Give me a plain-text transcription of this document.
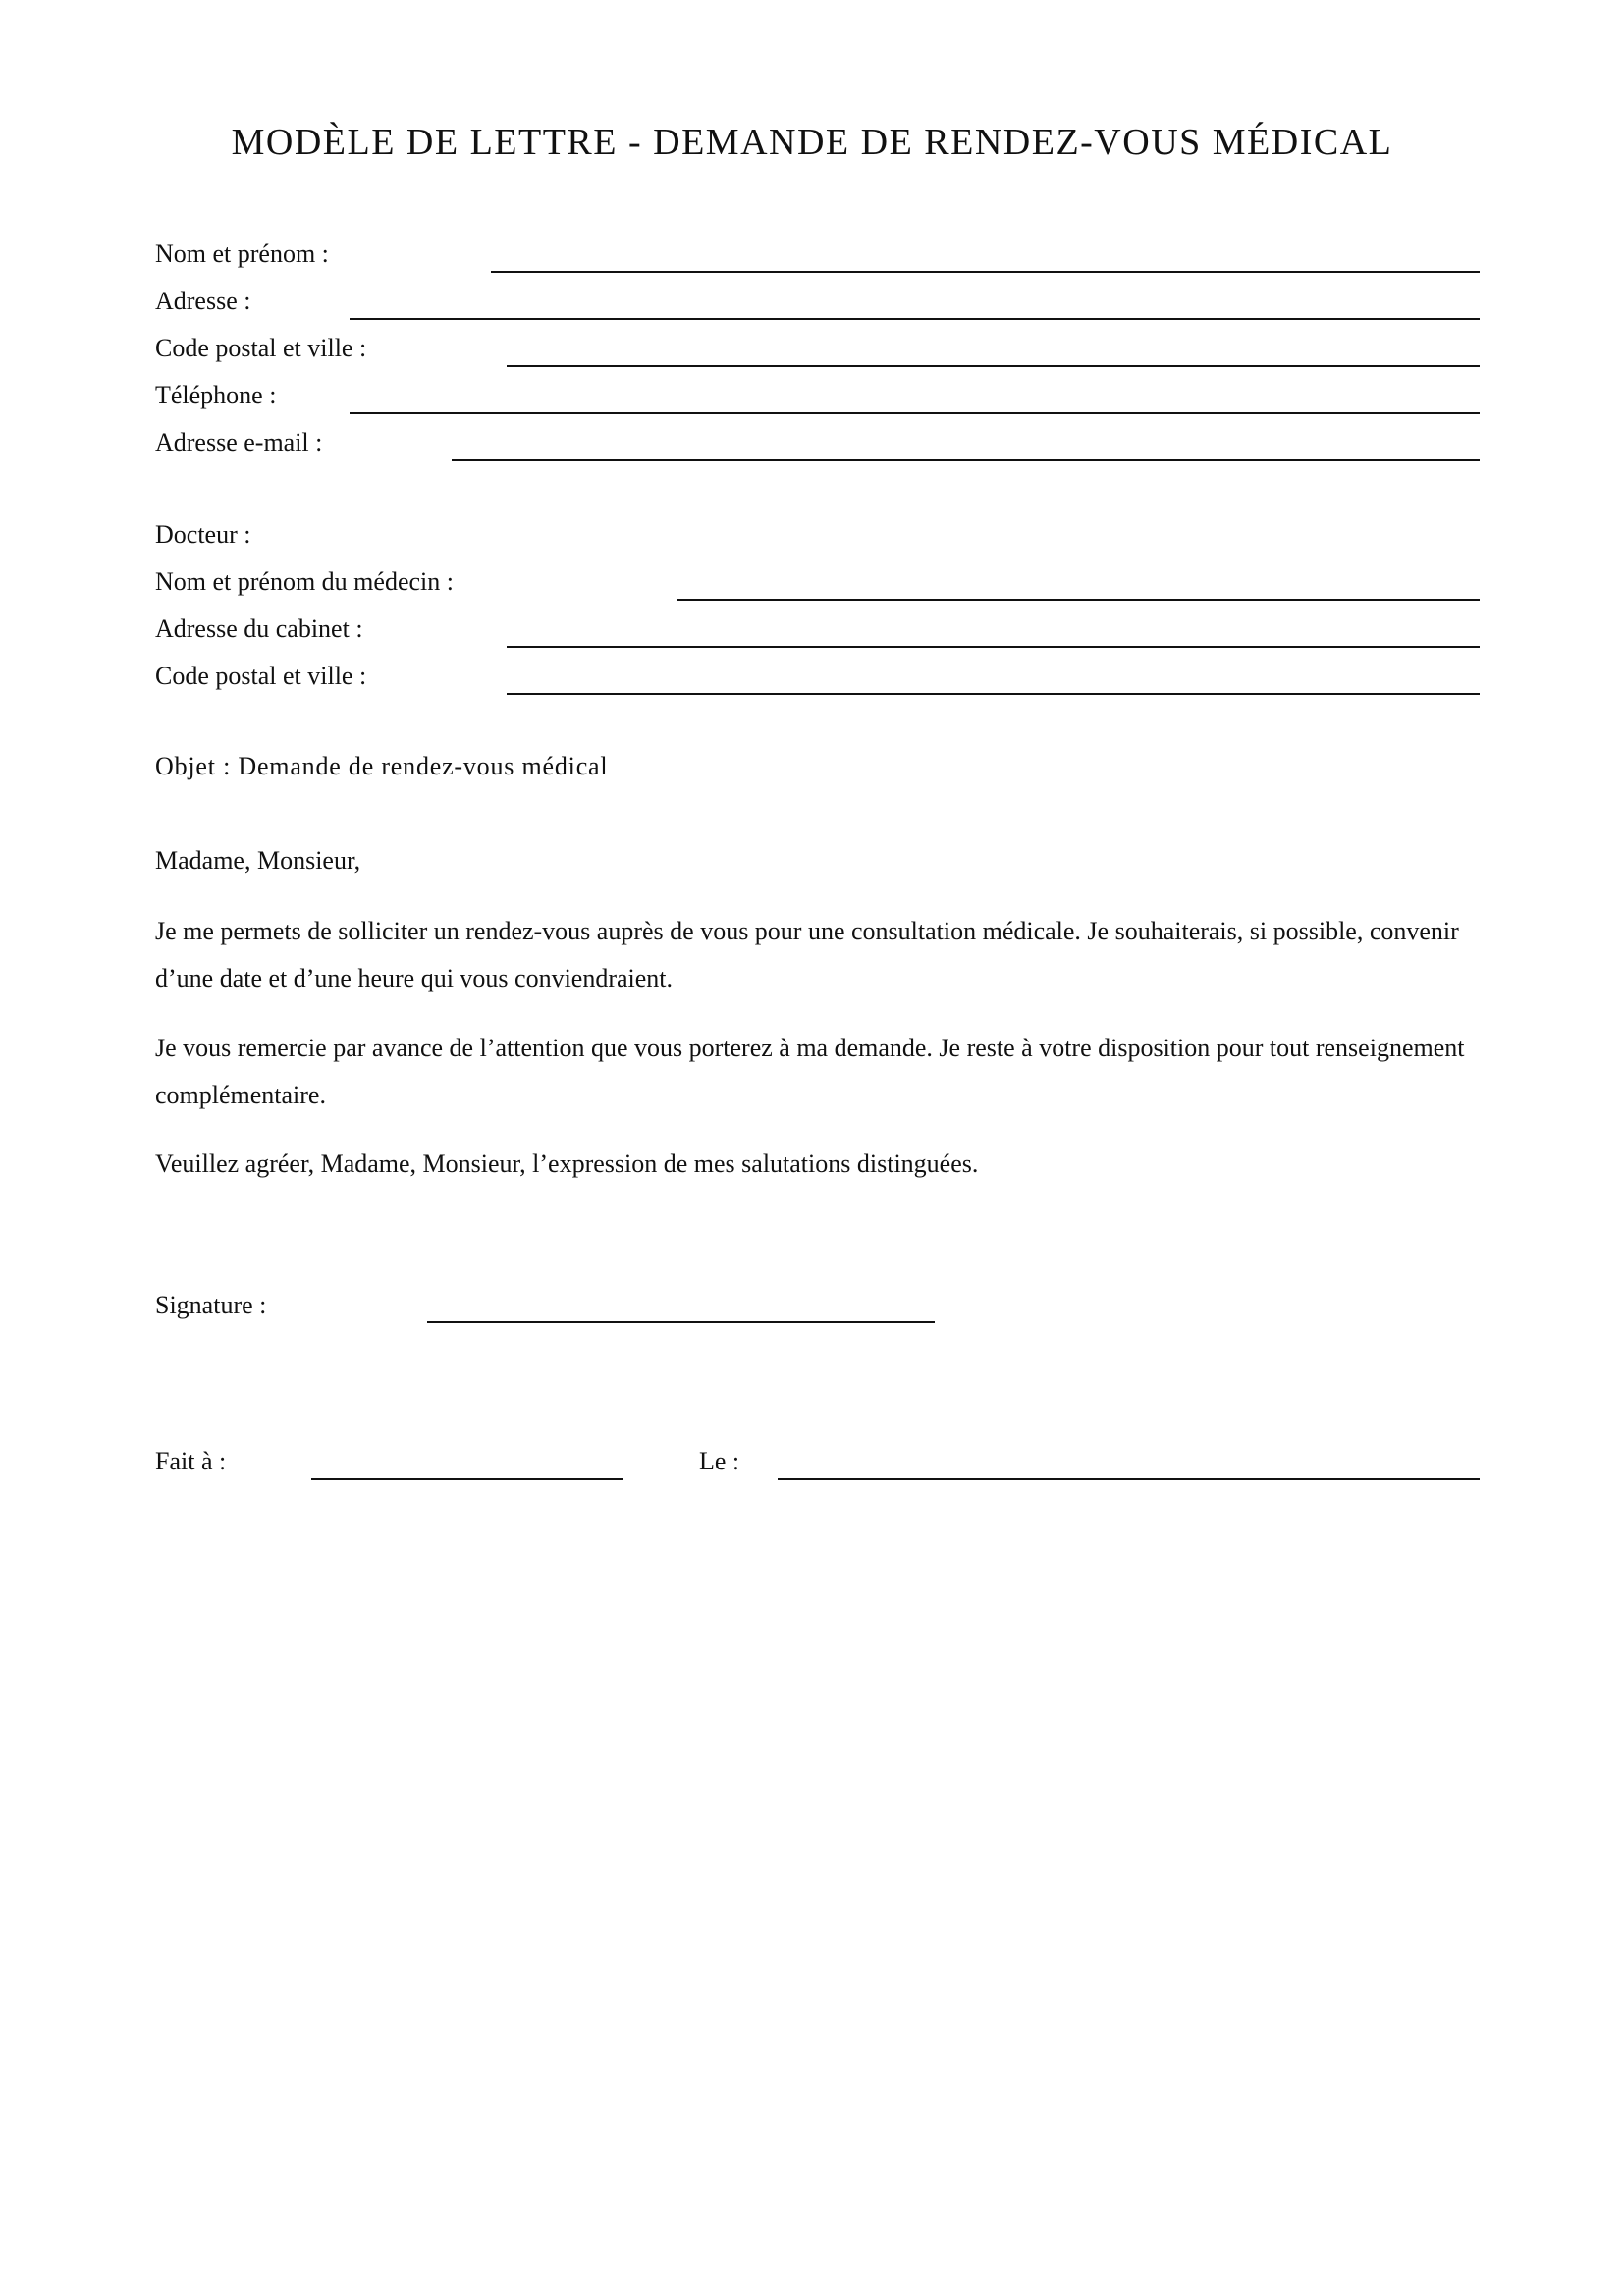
MODÈLE DE LETTRE - DEMANDE DE RENDEZ-VOUS MÉDICAL
Nom et prénom :
Adresse :
Code postal et ville :
Téléphone :
Adresse e-mail :
Docteur :
Nom et prénom du médecin :
Adresse du cabinet :
Code postal et ville :
Objet : Demande de rendez-vous médical
Madame, Monsieur,

Je me permets de solliciter un rendez-vous auprès de vous pour une consultation médicale. Je souhaiterais, si possible, convenir d’une date et d’une heure qui vous conviendraient.

Je vous remercie par avance de l’attention que vous porterez à ma demande. Je reste à votre disposition pour tout renseignement complémentaire.

Veuillez agréer, Madame, Monsieur, l’expression de mes salutations distinguées.

Signature :
Fait à :	Le :
